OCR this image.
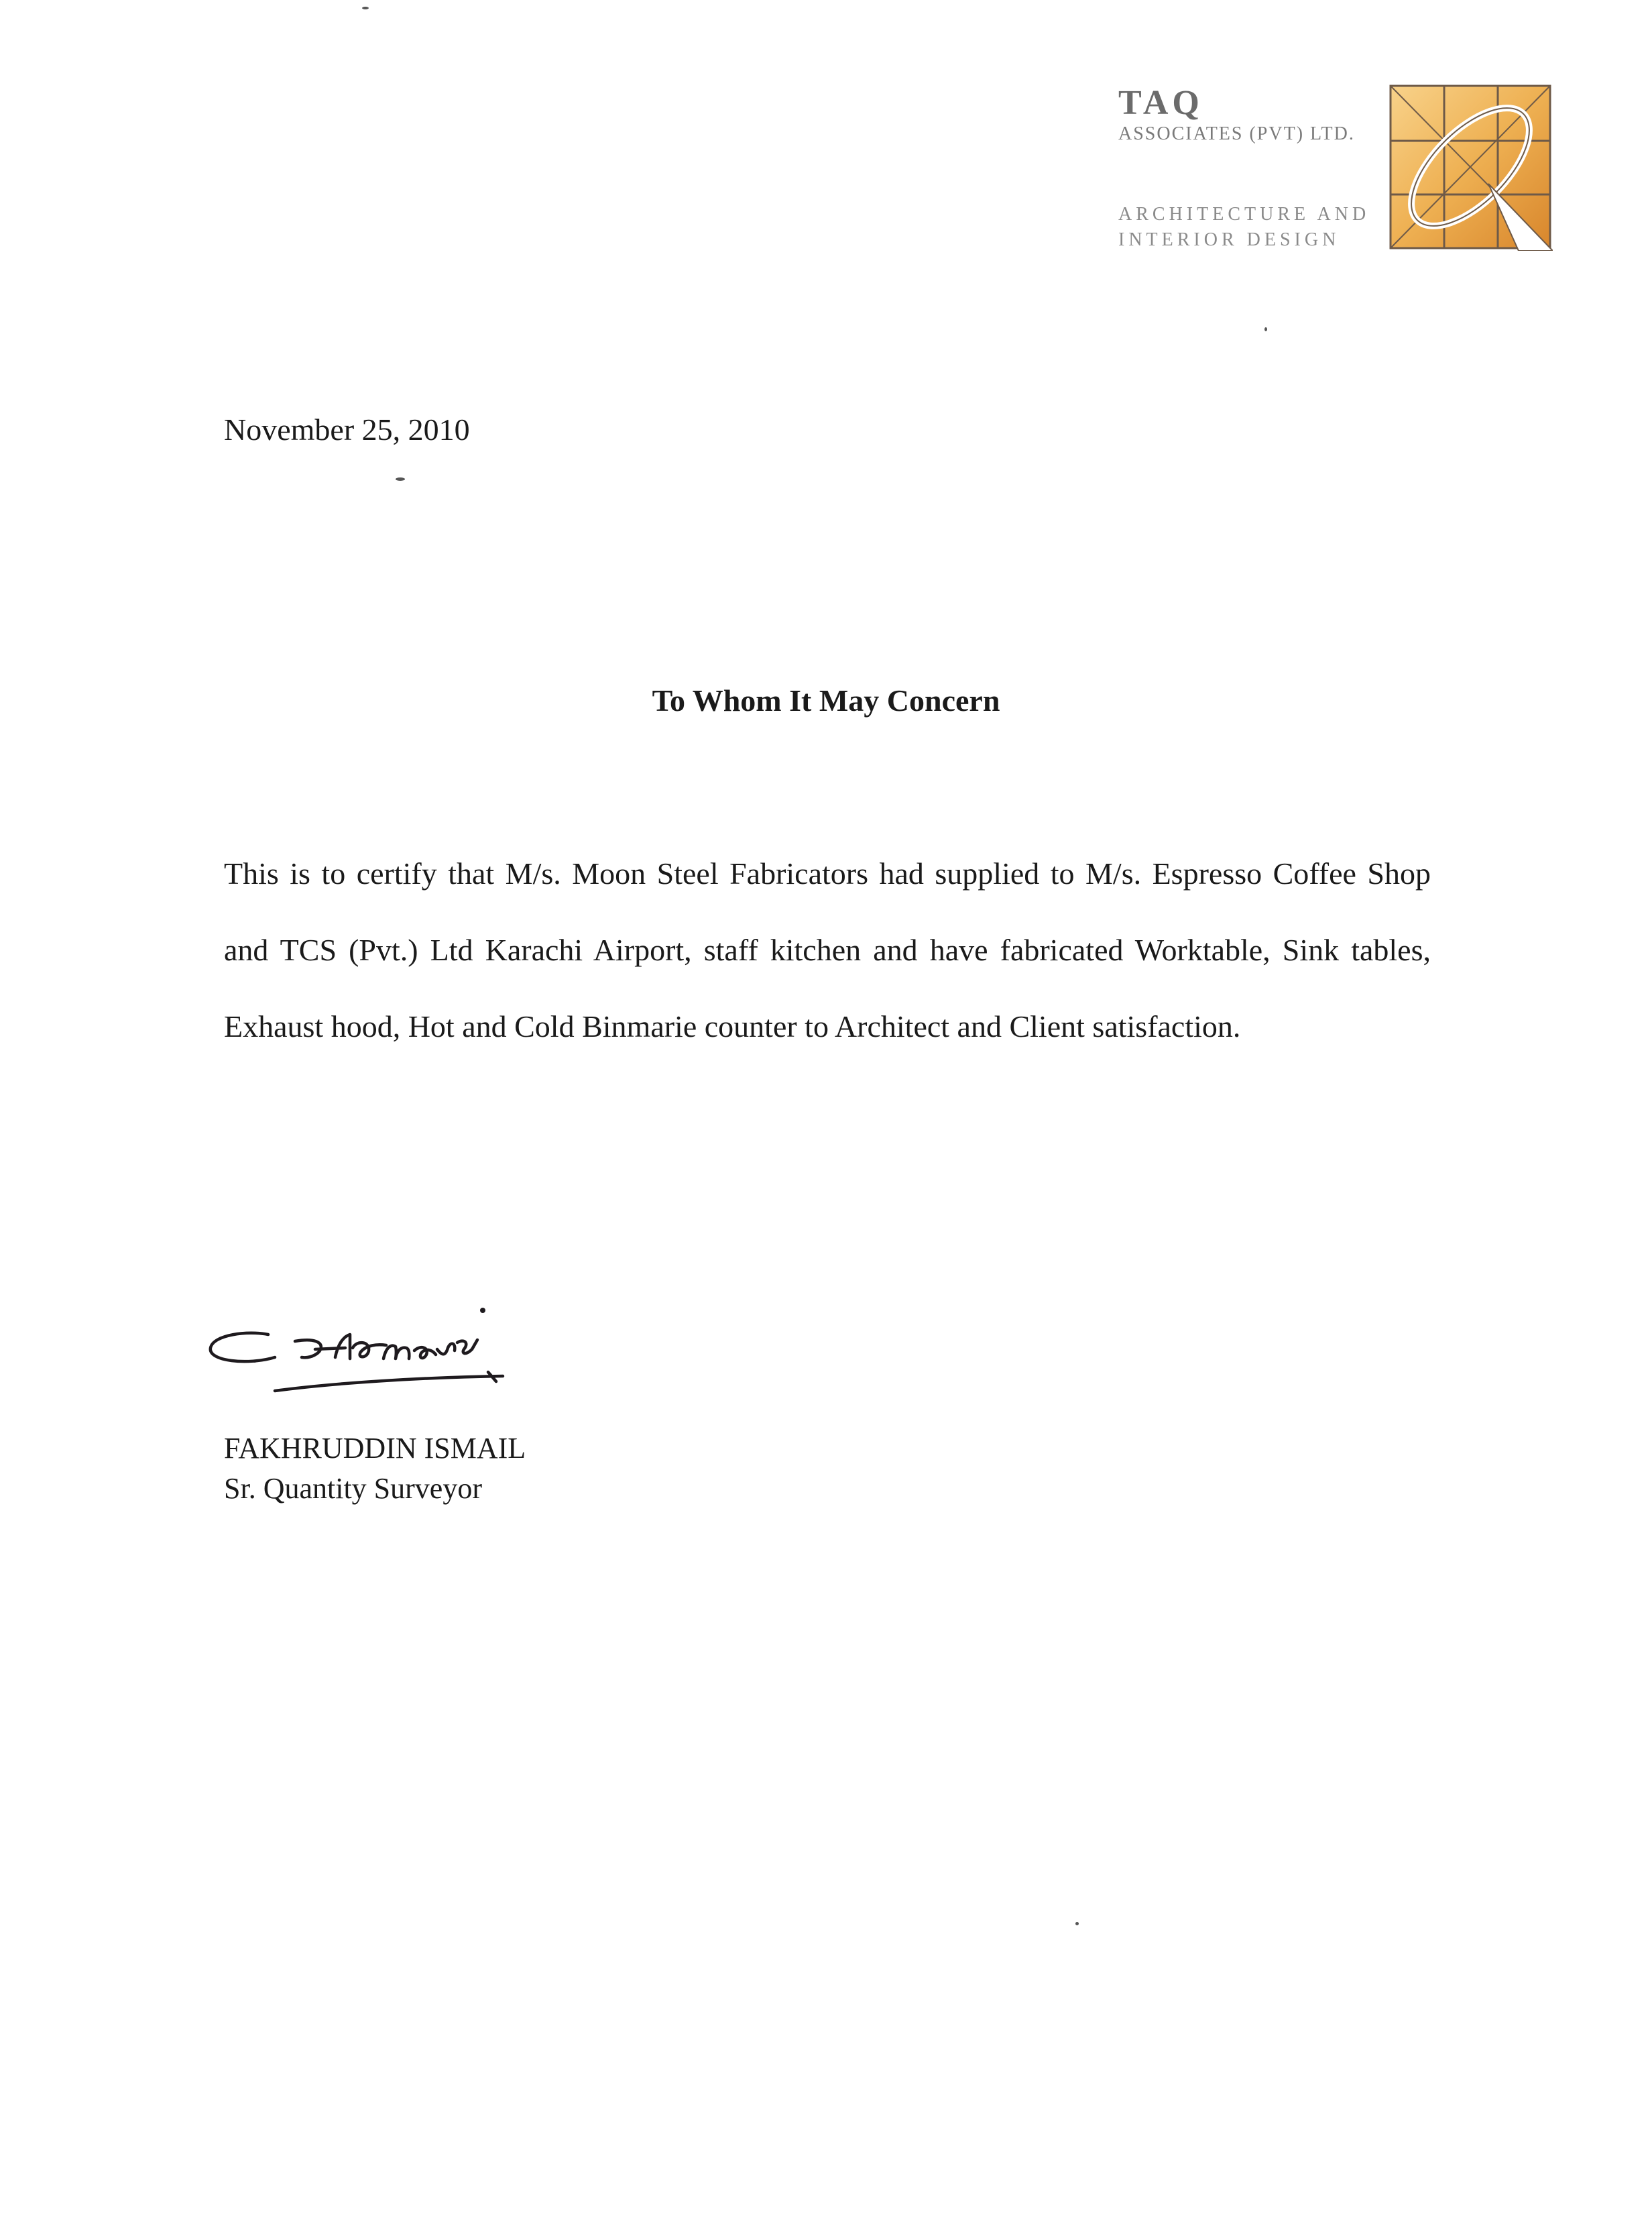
TAQ
ASSOCIATES (PVT) LTD.
ARCHITECTURE AND
INTERIOR DESIGN
November 25, 2010
To Whom It May Concern
This is to certify that M/s. Moon Steel Fabricators had supplied to M/s. Espresso Coffee Shop and TCS (Pvt.) Ltd Karachi Airport, staff kitchen and have fabricated Worktable, Sink tables, Exhaust hood, Hot and Cold Binmarie counter to Architect and Client satisfaction.
FAKHRUDDIN ISMAIL
Sr. Quantity Surveyor
